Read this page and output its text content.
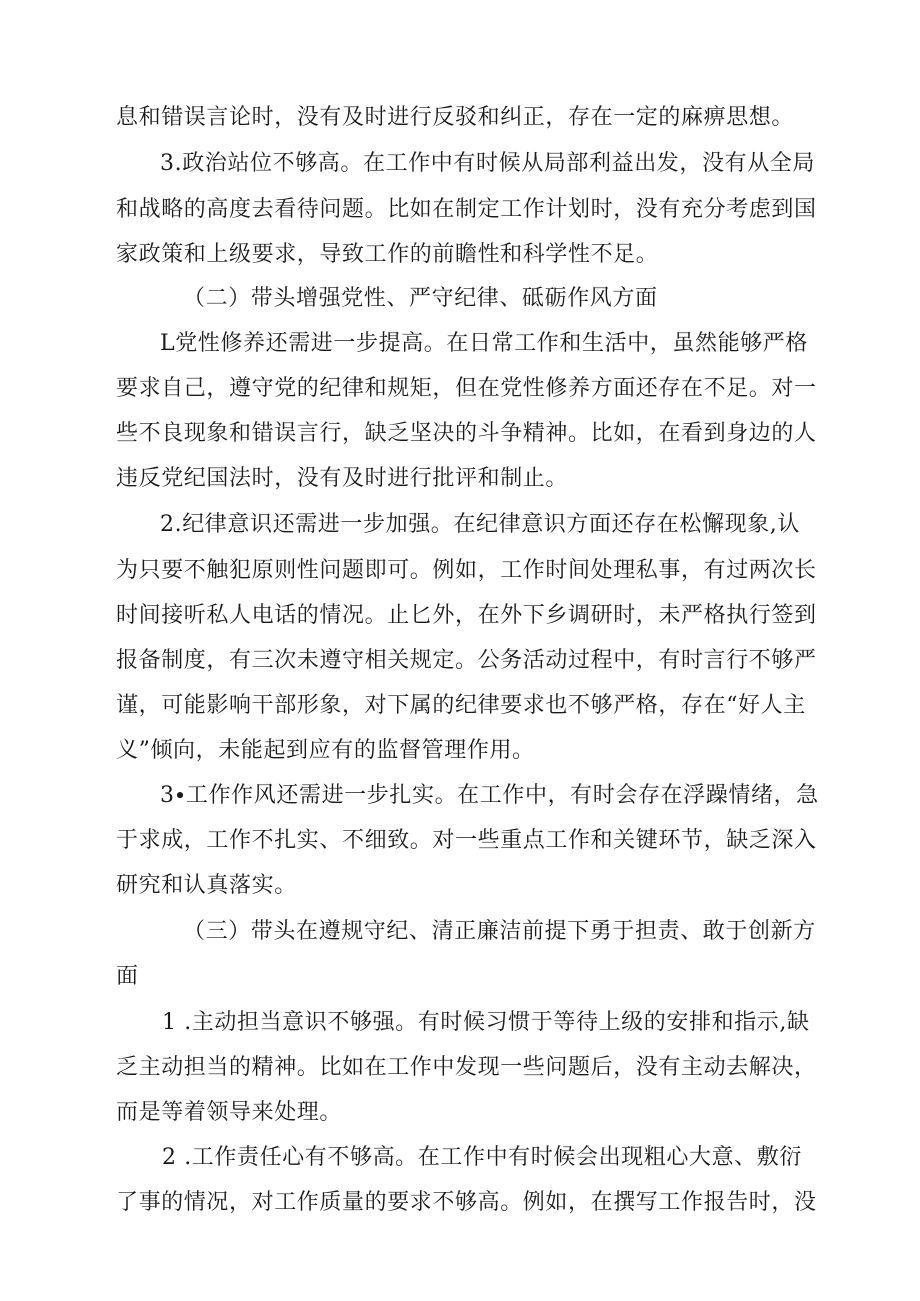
息和错误言论时，没有及时进行反驳和纠正，存在一定的麻痹思想。
3.政治站位不够高。在工作中有时候从局部利益出发，没有从全局
和战略的高度去看待问题。比如在制定工作计划时，没有充分考虑到国
家政策和上级要求，导致工作的前瞻性和科学性不足。
（二）带头增强党性、严守纪律、砥砺作风方面
L党性修养还需进一步提高。在日常工作和生活中，虽然能够严格
要求自己，遵守党的纪律和规矩，但在党性修养方面还存在不足。对一
些不良现象和错误言行，缺乏坚决的斗争精神。比如，在看到身边的人
违反党纪国法时，没有及时进行批评和制止。
2.纪律意识还需进一步加强。在纪律意识方面还存在松懈现象,认
为只要不触犯原则性问题即可。例如，工作时间处理私事，有过两次长
时间接听私人电话的情况。止匕外，在外下乡调研时，未严格执行签到
报备制度，有三次未遵守相关规定。公务活动过程中，有时言行不够严
谨，可能影响干部形象，对下属的纪律要求也不够严格，存在“好人主
义”倾向，未能起到应有的监督管理作用。
3∙工作作风还需进一步扎实。在工作中，有时会存在浮躁情绪，急
于求成，工作不扎实、不细致。对一些重点工作和关键环节，缺乏深入
研究和认真落实。
（三）带头在遵规守纪、清正廉洁前提下勇于担责、敢于创新方
面
1 .主动担当意识不够强。有时候习惯于等待上级的安排和指示,缺
乏主动担当的精神。比如在工作中发现一些问题后，没有主动去解决，
而是等着领导来处理。
2 .工作责任心有不够高。在工作中有时候会出现粗心大意、敷衍
了事的情况，对工作质量的要求不够高。例如，在撰写工作报告时，没
